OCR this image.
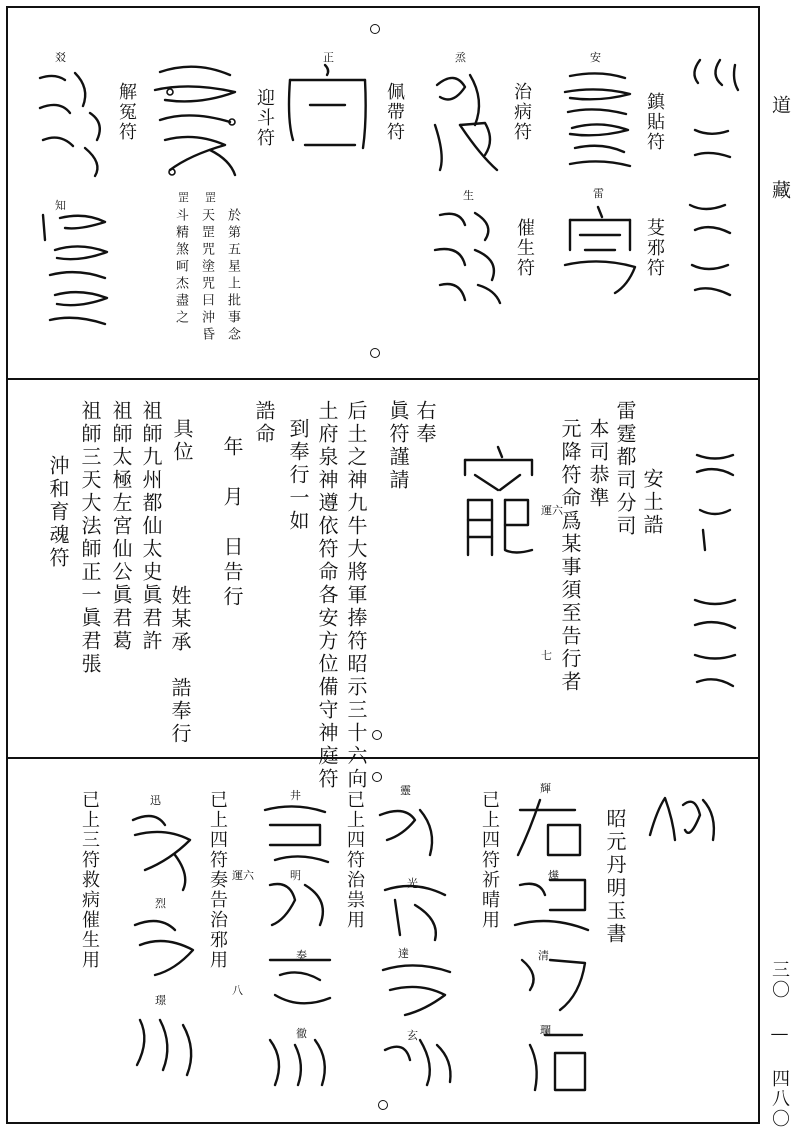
道
藏
三〇 — 四八〇
安
鎮貼符
烝
治病符
正
佩帶符
迎斗符
㸚
解冤符
雷
芟邪符
生
催生符
罡 罡
於第五星上批事念
天罡咒塗咒曰沖昏
斗精煞呵杰盡之
知
安土誥
雷霆都司分司
本司恭準
元降符命爲某事須至告行者
運六
七
右奉
眞符謹請
后土之神九牛大將軍捧符昭示三十六向
土府泉神遵依符命各安方位備守神庭符
到奉行一如
誥命
年　月　日告行
姓某承　誥奉行
具位
祖師九州都仙太史眞君許
祖師太極左宮仙公眞君葛
祖師三天大法師正一眞君張
沖和育魂符
昭元丹明玉書
輝
燁
清
瓓
已上四符祈晴用
靈
光
達
玄
已上四符治祟用
井
明
奏
徹
已上四符奏告治邪用 運六
八
迅
烈
璟
已上三符救病催生用
